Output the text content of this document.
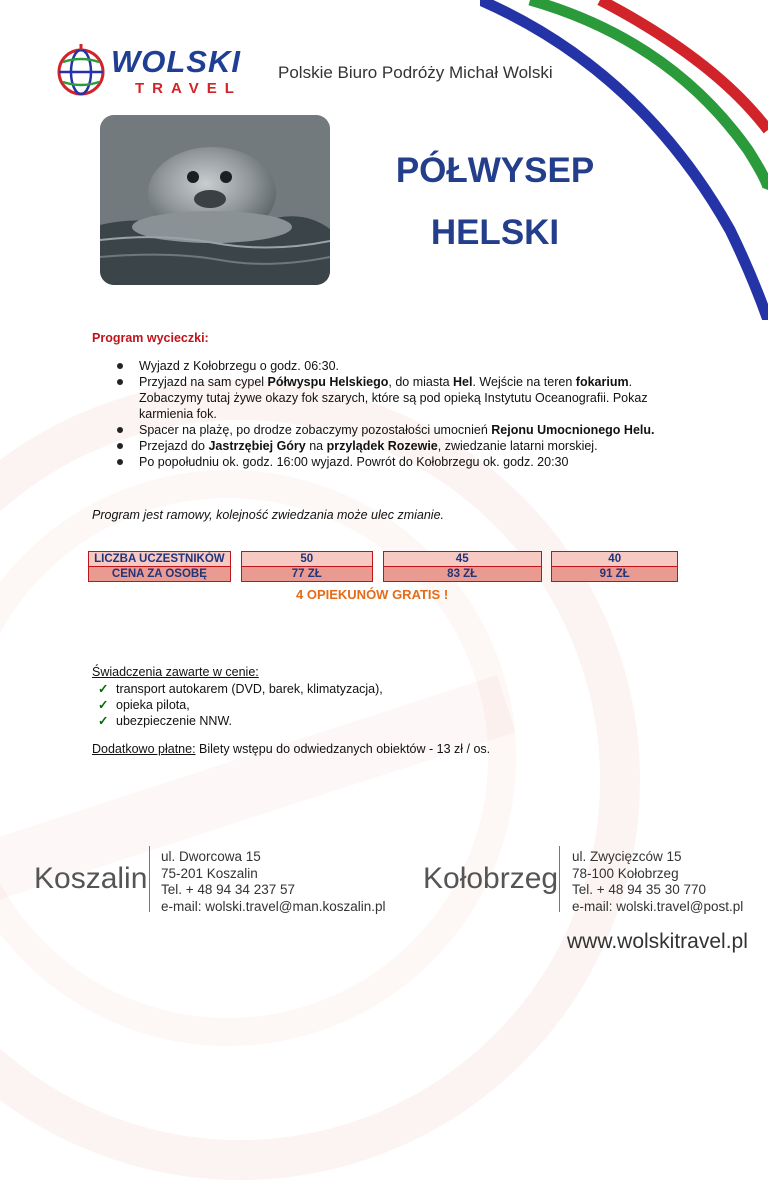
WOLSKI
TRAVEL
Polskie Biuro Podróży Michał Wolski
PÓŁWYSEP
HELSKI
Program wycieczki:
Wyjazd z Kołobrzegu o godz. 06:30.
Przyjazd na sam cypel Półwyspu Helskiego, do miasta Hel. Wejście na teren fokarium. Zobaczymy tutaj żywe okazy fok szarych, które są pod opieką Instytutu Oceanografii. Pokaz karmienia fok.
Spacer na plażę, po drodze zobaczymy pozostałości umocnień Rejonu Umocnionego Helu.
Przejazd do Jastrzębiej Góry na przylądek Rozewie, zwiedzanie latarni morskiej.
Po popołudniu ok. godz. 16:00 wyjazd. Powrót do Kołobrzegu ok. godz. 20:30
Program jest ramowy, kolejność zwiedzania może ulec zmianie.
LICZBA UCZESTNIKÓW		50		45		40
CENA ZA OSOBĘ		77 ZŁ		83 ZŁ		91 ZŁ
4 OPIEKUNÓW GRATIS !
Świadczenia zawarte w cenie:
✓ transport autokarem (DVD, barek, klimatyzacja),
✓ opieka pilota,
✓ ubezpieczenie NNW.
Dodatkowo płatne: Bilety wstępu do odwiedzanych obiektów - 13 zł / os.
Koszalin
ul. Dworcowa 15
75-201 Koszalin
Tel. + 48 94 34 237 57
e-mail: wolski.travel@man.koszalin.pl
Kołobrzeg
ul. Zwycięzców 15
78-100 Kołobrzeg
Tel. + 48 94 35 30 770
e-mail: wolski.travel@post.pl
www.wolskitravel.pl
